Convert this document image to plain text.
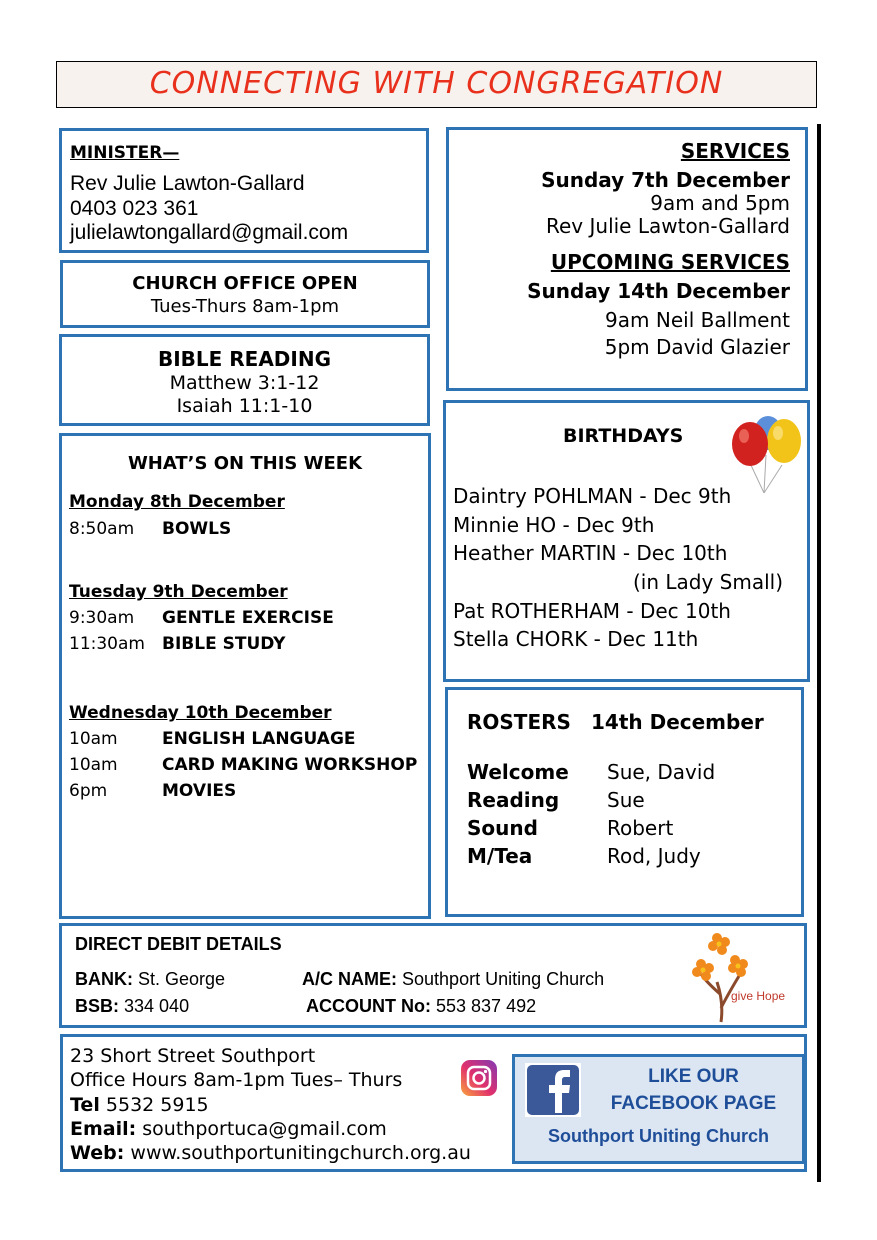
CONNECTING WITH CONGREGATION
MINISTER—
Rev Julie Lawton-Gallard
0403 023 361
julielawtongallard@gmail.com
CHURCH OFFICE OPEN
Tues-Thurs 8am-1pm
BIBLE READING
Matthew 3:1-12
Isaiah 11:1-10
WHAT’S ON THIS WEEK
Monday 8th December
8:50am BOWLS
Tuesday 9th December
9:30am GENTLE EXERCISE
11:30am BIBLE STUDY
Wednesday 10th December
10am	ENGLISH LANGUAGE
10am	CARD MAKING WORKSHOP
6pm	MOVIES
SERVICES
Sunday 7th December
9am and 5pm
Rev Julie Lawton-Gallard
UPCOMING SERVICES
Sunday 14th December
9am Neil Ballment
5pm David Glazier
BIRTHDAYS
Daintry POHLMAN - Dec 9th
Minnie HO - Dec 9th
Heather MARTIN - Dec 10th
(in Lady Small)
Pat ROTHERHAM - Dec 10th
Stella CHORK - Dec 11th
ROSTERS 14th December
Welcome Sue, David
Reading Sue
Sound	Robert
M/Tea	Rod, Judy
DIRECT DEBIT DETAILS
BANK: St. George	A/C NAME: Southport Uniting Church
BSB: 334 040	ACCOUNT No: 553 837 492	give Hope
23 Short Street Southport
Office Hours 8am-1pm Tues– Thurs
Tel 5532 5915
Email: southportuca@gmail.com
Web: www.southportunitingchurch.org.au
LIKE OUR
FACEBOOK PAGE
Southport Uniting Church
